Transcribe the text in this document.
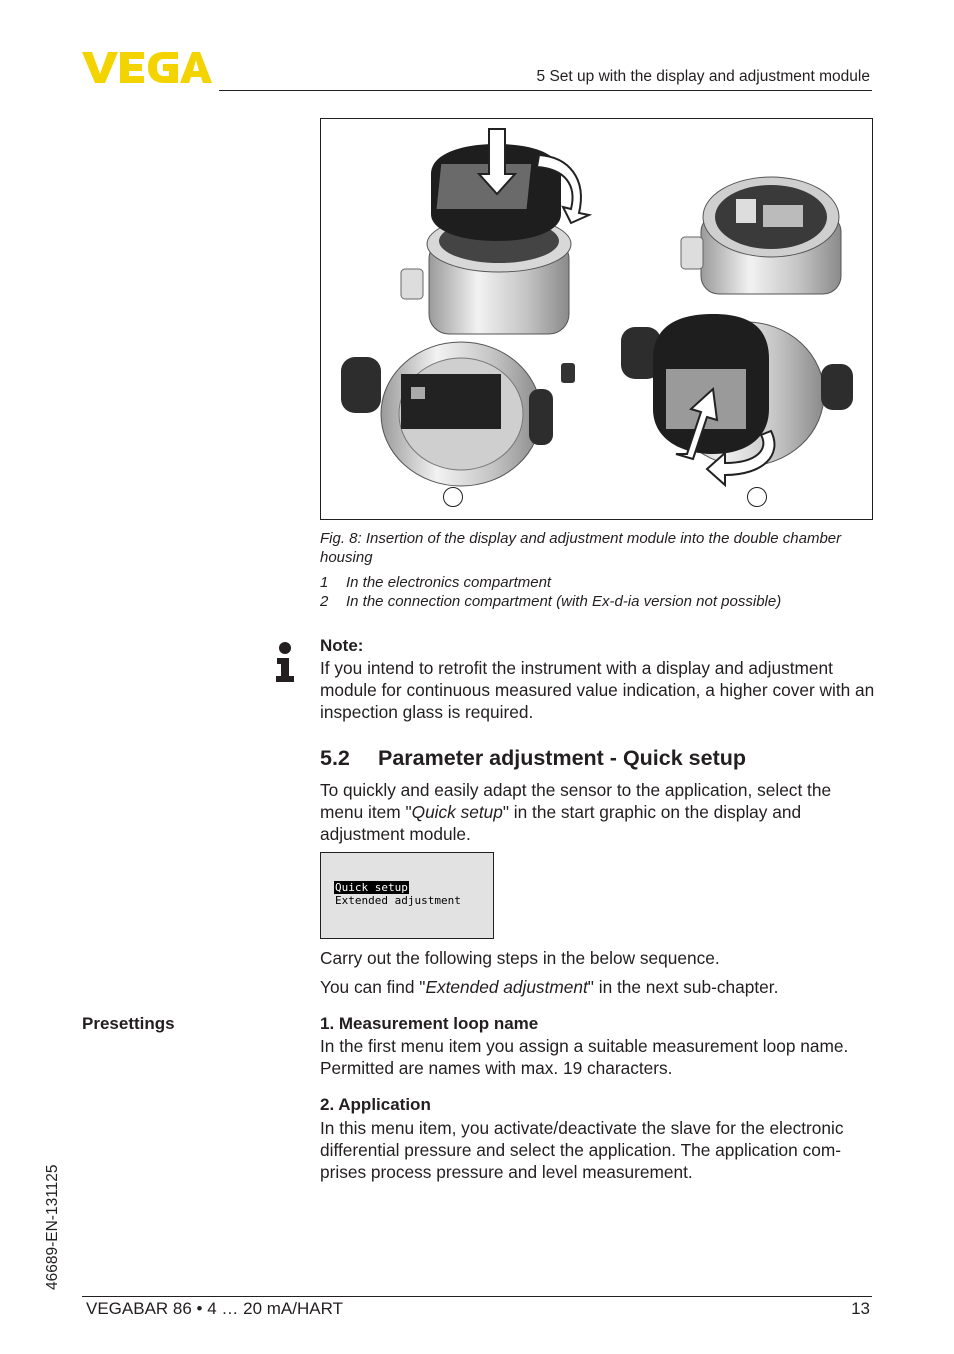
5 Set up with the display and adjustment module
Fig. 8: Insertion of the display and adjustment module into the double chamber housing
1 In the electronics compartment
2 In the connection compartment (with Ex-d-ia version not possible)
Note:
If you intend to retrofit the instrument with a display and adjustment module for continuous measured value indication, a higher cover with an inspection glass is required.
5.2 Parameter adjustment - Quick setup
To quickly and easily adapt the sensor to the application, select the menu item "Quick setup" in the start graphic on the display and adjustment module.
Quick setup
Extended adjustment
Carry out the following steps in the below sequence.
You can find "Extended adjustment" in the next sub-chapter.
Presettings	1. Measurement loop name
In the first menu item you assign a suitable measurement loop name. Permitted are names with max. 19 characters.
2. Application
In this menu item, you activate/deactivate the slave for the electronic differential pressure and select the application. The application com-prises process pressure and level measurement.
46689-EN-131125
VEGABAR 86 • 4 … 20 mA/HART	13
